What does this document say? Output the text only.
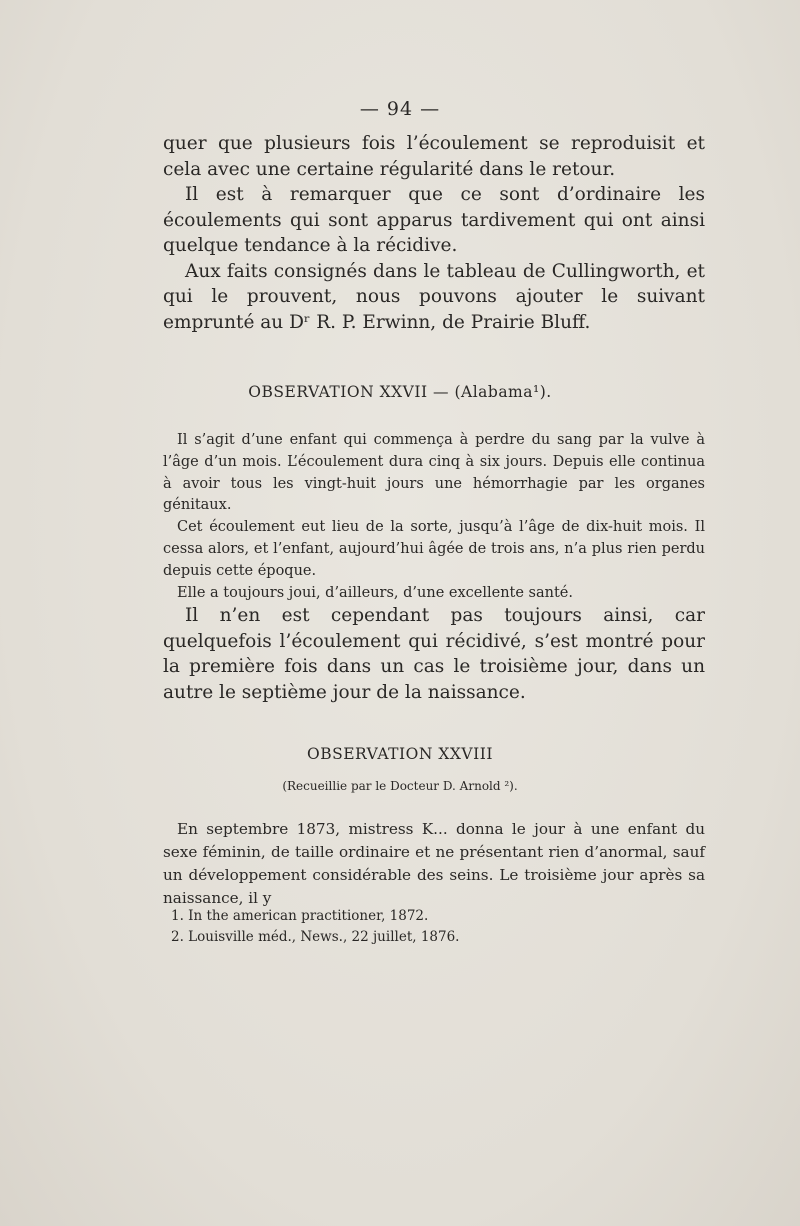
— 94 —

quer que plusieurs fois l’écoulement se reproduisit et cela avec une certaine régularité dans le retour.

Il est à remarquer que ce sont d’ordinaire les écoulements qui sont apparus tardivement qui ont ainsi quelque tendance à la récidive.

Aux faits consignés dans le tableau de Cullingworth, et qui le prouvent, nous pouvons ajouter le suivant emprunté au Dʳ R. P. Erwinn, de Prairie Bluff.

OBSERVATION XXVII — (Alabama¹).

Il s’agit d’une enfant qui commença à perdre du sang par la vulve à l’âge d’un mois. L’écoulement dura cinq à six jours. Depuis elle continua à avoir tous les vingt-huit jours une hémorrhagie par les organes génitaux.

Cet écoulement eut lieu de la sorte, jusqu’à l’âge de dix-huit mois. Il cessa alors, et l’enfant, aujourd’hui âgée de trois ans, n’a plus rien perdu depuis cette époque.

Elle a toujours joui, d’ailleurs, d’une excellente santé.

Il n’en est cependant pas toujours ainsi, car quelquefois l’écoulement qui récidivé, s’est montré pour la première fois dans un cas le troisième jour, dans un autre le septième jour de la naissance.

OBSERVATION XXVIII
(Recueillie par le Docteur D. Arnold ²).

En septembre 1873, mistress K... donna le jour à une enfant du sexe féminin, de taille ordinaire et ne présentant rien d’anormal, sauf un développement considérable des seins. Le troisième jour après sa naissance, il y

1. In the american practitioner, 1872.

2. Louisville méd., News., 22 juillet, 1876.
